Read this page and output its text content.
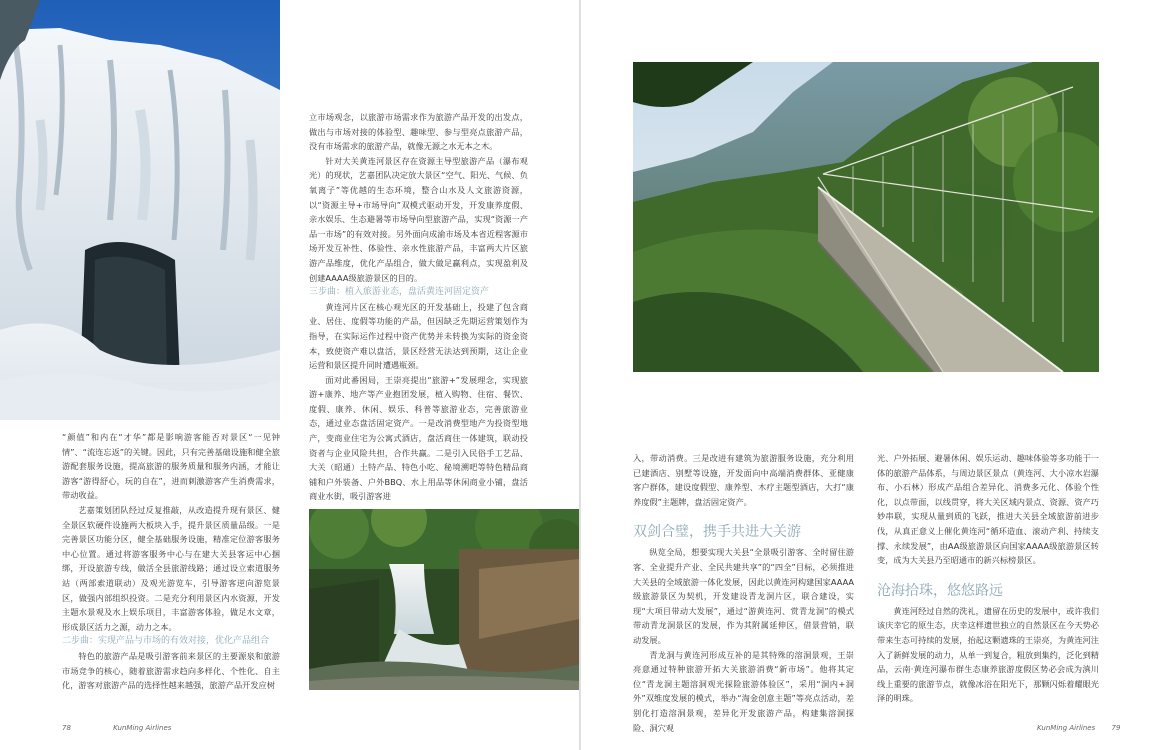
“颜值”和内在“才华”都是影响游客能否对景区“一见钟情”、“流连忘返”的关键。因此，只有完善基础设施和健全旅游配套服务设施，提高旅游的服务质量和服务内涵，才能让游客“游得舒心，玩的自在”，进而刺激游客产生消费需求，带动收益。

艺嘉策划团队经过反复推敲，从改造提升现有景区、健全景区软硬件设施两大板块入手，提升景区质量品级。一是完善景区功能分区，健全基础服务设施，精准定位游客服务中心位置。通过将游客服务中心与在建大关县客运中心捆绑，开设旅游专线，做活全县旅游线路；通过设立索道服务站（两部索道联动）及观光游览车，引导游客逆向游览景区，做强内部组织投资。二是充分利用景区内水资源，开发主题水景观及水上娱乐项目，丰富游客体验，做足水文章，形成景区活力之源，动力之本。

二步曲：实现产品与市场的有效对接，优化产品组合

特色的旅游产品是吸引游客前来景区的主要源泉和旅游市场竞争的核心，随着旅游需求趋向多样化、个性化、自主化，游客对旅游产品的选择性越来越强，旅游产品开发应树

立市场观念，以旅游市场需求作为旅游产品开发的出发点，做出与市场对接的体验型、趣味型、参与型亮点旅游产品，没有市场需求的旅游产品，就像无源之水无本之木。

针对大关黄连河景区存在资源主导型旅游产品（瀑布观光）的现状，艺嘉团队决定放大景区“空气、阳光、气候、负氧离子”等优越的生态环境，整合山水及人文旅游资源，以“资源主导+市场导向”双模式驱动开发，开发康养度假、亲水娱乐、生态避暑等市场导向型旅游产品，实现“资源一产品一市场”的有效对接。另外面向成渝市场及本省近程客源市场开发互补性、体验性、亲水性旅游产品，丰富两大片区旅游产品维度，优化产品组合，做大做足赢利点，实现盈利及创建AAAA级旅游景区的目的。

三步曲：植入旅游业态，盘活黄连河固定资产

黄连河片区在核心观光区的开发基础上，投建了包含商业、居住、度假等功能的产品，但因缺乏先期运营策划作为指导，在实际运作过程中资产优势并未转换为实际的资金资本，致使资产难以盘活，景区经营无法达到预期，这让企业运营和景区提升同时遭遇瓶颈。

面对此番困局，王崇亮提出“旅游+”发展理念，实现旅游+康养、地产等产业抱团发展，植入购物、住宿、餐饮、度假、康养、休闲、娱乐、科普等旅游业态，完善旅游业态，通过业态盘活固定资产。一是改消费型地产为投资型地产，变商业住宅为公寓式酒店，盘活商住一体建筑，联动投资者与企业风险共担，合作共赢。二是引入民俗手工艺品、大关（昭通）土特产品、特色小吃、秘境溯吧等特色精品商铺和户外装备、户外BBQ、水上用品等休闲商业小铺，盘活商业水街，吸引游客进

78	KunMing Airlines

入，带动消费。三是改进有建筑为旅游服务设施，充分利用已建酒店、别墅等设施，开发面向中高端消费群体、亚健康客户群体，建设度假型、康养型、木疗主题型酒店，大打“康养度假”主题牌，盘活固定资产。

双剑合璧，携手共进大关游

纵览全局，想要实现大关县“全景吸引游客、全时留住游客、全业提升产业、全民共建共享”的“四全”目标，必须推进大关县的全域旅游一体化发展，因此以黄连河构建国家AAAA级旅游景区为契机，开发建设青龙洞片区，联合建设，实现“大项目带动大发展”，通过“游黄连河、赏青龙洞”的模式带动青龙洞景区的发展，作为其附属延伸区，借景营销，联动发展。

青龙洞与黄连河形成互补的是其特殊的溶洞景观，王崇亮意通过特种旅游开拓大关旅游消费“新市场”。他将其定位“青龙洞主题溶洞观光探险旅游体验区”，采用“洞内+洞外”双维度发展的模式，举办“淘金创意主题”等亮点活动，差别化打造溶洞景观，差异化开发旅游产品，构建集溶洞探险、洞穴观

光、户外拓展、避暑休闲、娱乐运动、趣味体验等多功能于一体的旅游产品体系，与周边景区景点（黄连河、大小凉水岩瀑布、小石林）形成产品组合差异化、消费多元化、体验个性化，以点带面，以线贯穿，将大关区域内景点、资源、资产巧妙串联，实现从量到质的飞跃，推进大关县全域旅游前进步伐，从真正意义上催化黄连河“循环造血、滚动产利、持续支撑、永续发展”，由AA级旅游景区向国家AAAA级旅游景区转变，成为大关县乃至昭通市的新兴标榜景区。

沧海拾珠，悠悠路远

黄连河经过自然的洗礼，遗留在历史的发展中，或许我们该庆幸它的原生态，庆幸这样遗世独立的自然景区在今天势必带来生态可持续的发展，抬起这颗遗珠的王崇亮，为黄连河注入了新鲜发展的动力，从单一到复合，粗放到集约，泛化到精品，云南·黄连河瀑布群生态康养旅游度假区势必会成为滇川线上重要的旅游节点，就像冰浴在阳光下，那颗闪烁着耀眼光泽的明珠。

KunMing Airlines 79
